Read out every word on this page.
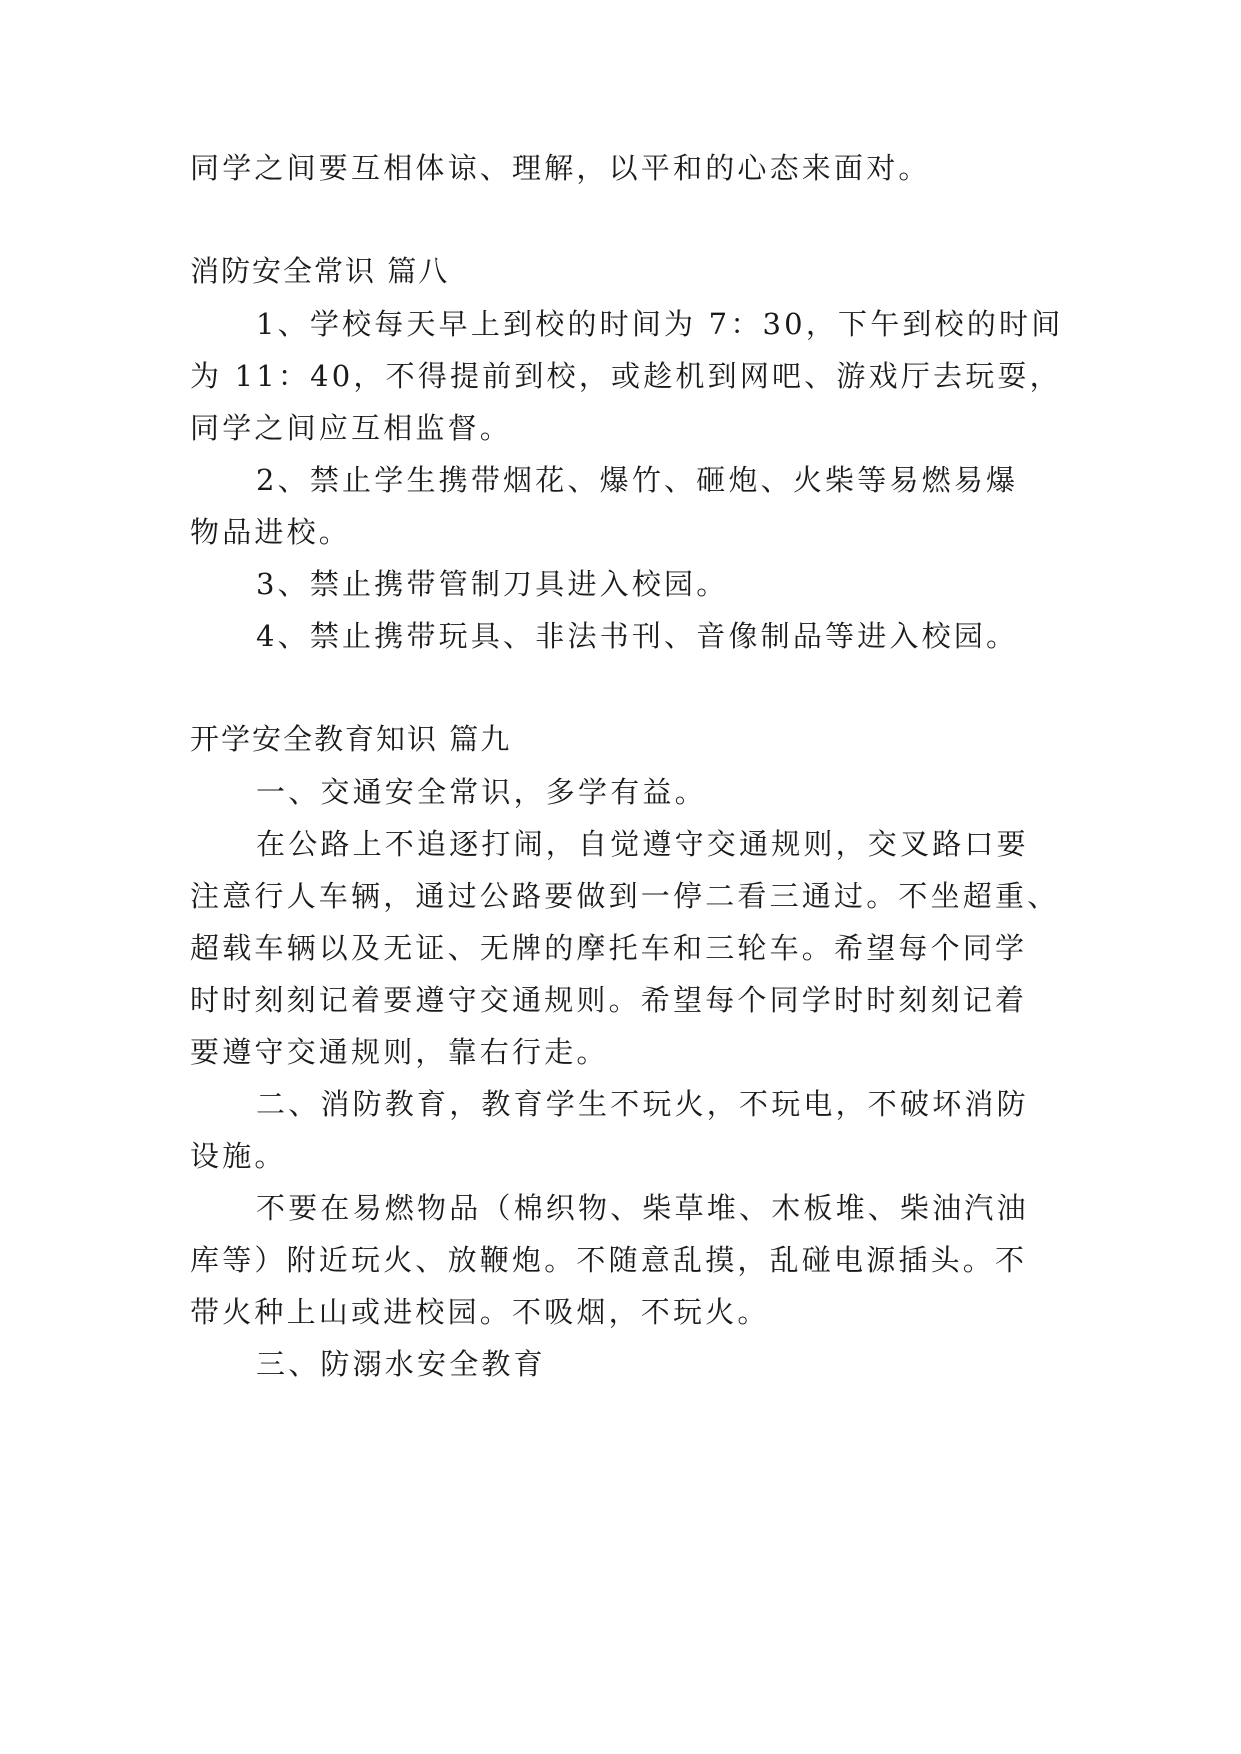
同学之间要互相体谅、理解，以平和的心态来面对。

消防安全常识 篇八

1、学校每天早上到校的时间为 7：30，下午到校的时间

为 11：40，不得提前到校，或趁机到网吧、游戏厅去玩耍，

同学之间应互相监督。

2、禁止学生携带烟花、爆竹、砸炮、火柴等易燃易爆

物品进校。

3、禁止携带管制刀具进入校园。

4、禁止携带玩具、非法书刊、音像制品等进入校园。

开学安全教育知识 篇九

一、交通安全常识，多学有益。

在公路上不追逐打闹，自觉遵守交通规则，交叉路口要

注意行人车辆，通过公路要做到一停二看三通过。不坐超重、

超载车辆以及无证、无牌的摩托车和三轮车。希望每个同学

时时刻刻记着要遵守交通规则。希望每个同学时时刻刻记着

要遵守交通规则，靠右行走。

二、消防教育，教育学生不玩火，不玩电，不破坏消防

设施。

不要在易燃物品（棉织物、柴草堆、木板堆、柴油汽油

库等）附近玩火、放鞭炮。不随意乱摸，乱碰电源插头。不

带火种上山或进校园。不吸烟，不玩火。

三、防溺水安全教育
